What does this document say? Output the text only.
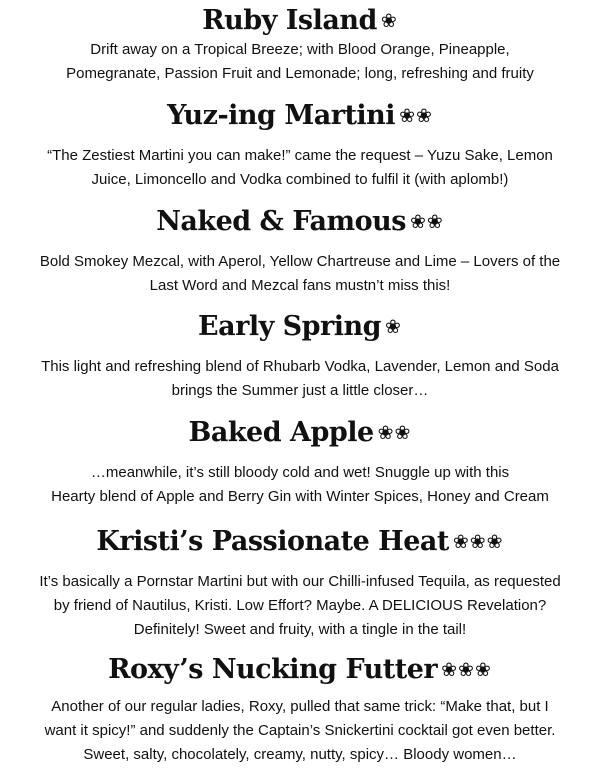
Ruby Island ❀

Drift away on a Tropical Breeze; with Blood Orange, Pineapple,
Pomegranate, Passion Fruit and Lemonade; long, refreshing and fruity

Yuz-ing Martini ❀❀

“The Zestiest Martini you can make!” came the request – Yuzu Sake, Lemon
Juice, Limoncello and Vodka combined to fulfil it (with aplomb!)

Naked & Famous ❀❀

Bold Smokey Mezcal, with Aperol, Yellow Chartreuse and Lime – Lovers of the
Last Word and Mezcal fans mustn’t miss this!

Early Spring ❀

This light and refreshing blend of Rhubarb Vodka, Lavender, Lemon and Soda
brings the Summer just a little closer…

Baked Apple ❀❀

…meanwhile, it’s still bloody cold and wet! Snuggle up with this
Hearty blend of Apple and Berry Gin with Winter Spices, Honey and Cream

Kristi’s Passionate Heat ❀❀❀

It’s basically a Pornstar Martini but with our Chilli-infused Tequila, as requested
by friend of Nautilus, Kristi. Low Effort? Maybe. A DELICIOUS Revelation?
Definitely! Sweet and fruity, with a tingle in the tail!

Roxy’s Nucking Futter ❀❀❀

Another of our regular ladies, Roxy, pulled that same trick: “Make that, but I
want it spicy!” and suddenly the Captain’s Snickertini cocktail got even better.
Sweet, salty, chocolately, creamy, nutty, spicy… Bloody women…
